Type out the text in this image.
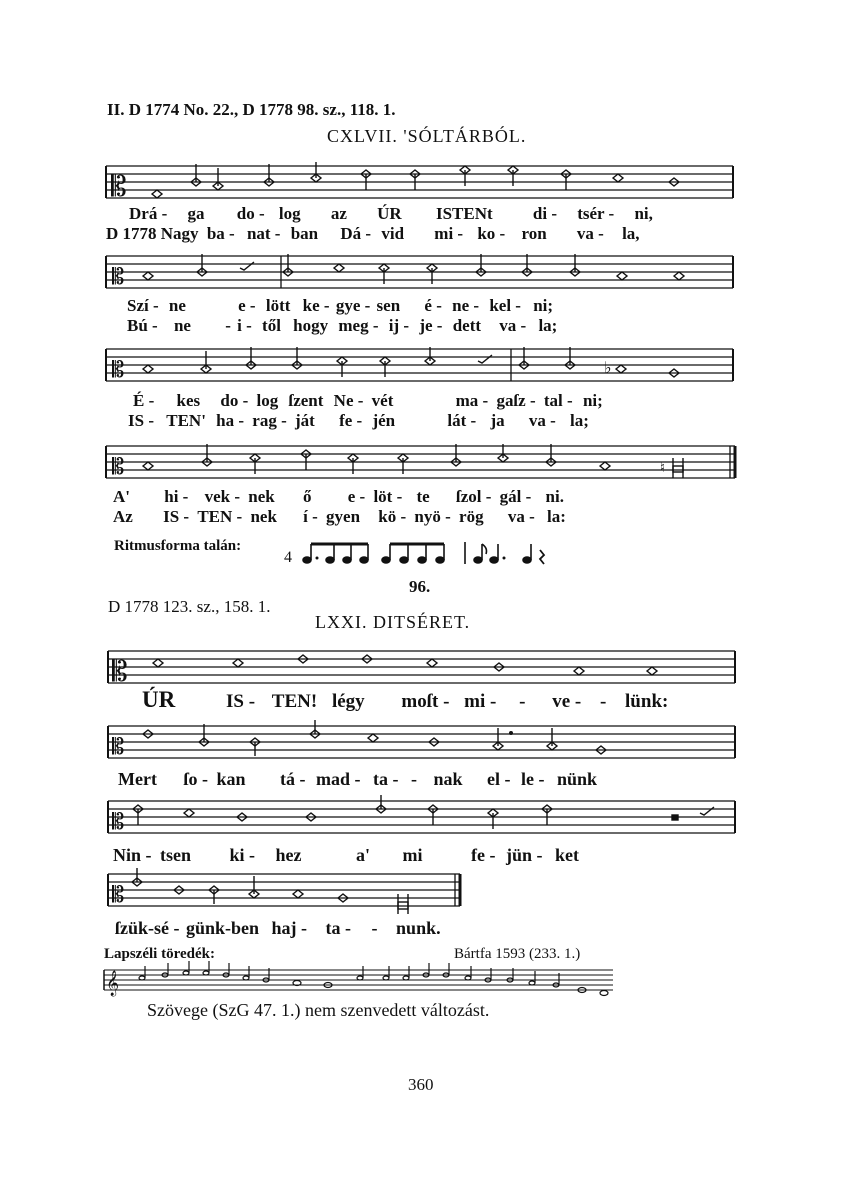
II. D 1774 No. 22., D 1778 98. sz., 118. 1.
CXLVII. 'SÓLTÁRBÓL.
𝄡
Drá - ga do - log az ÚR ISTENt di - tsér - ni,
D 1778 Nagy ba - nat - ban Dá - vid mi - ko - ron va - la,
𝄡
Szí - ne	e - lött ke - gye - sen é - ne - kel - ni;
Bú - ne - i - től hogy meg - ij - je - dett va - la;
𝄡	♭
É - kes do - log ſzent Ne - vét	ma - gaſz - tal - ni;
IS - TEN' ha - rag - ját fe - jén	lát - ja va - la;
𝄡	♮
A' hi - vek - nek ő e - löt - te ſzol - gál - ni.
Az IS - TEN - nek í - gyen kö - nyö - rög va - la:
Ritmusforma talán:
4
96.
D 1778 123. sz., 158. 1.
LXXI. DITSÉRET.
𝄡
ÚR	IS - TEN! légy moſt - mi - - ve - - lünk:
𝄡
Mert ſo - kan tá - mad - ta - - nak el - le - nünk
𝄡
Nin - tsen ki - hez	a' mi	fe - jün - ket
𝄡
ſzük-sé - günk-ben haj - ta - - nunk.
Lapszéli töredék:	Bártfa 1593 (233. 1.)
𝄞
Szövege (SzG 47. 1.) nem szenvedett változást.
360
